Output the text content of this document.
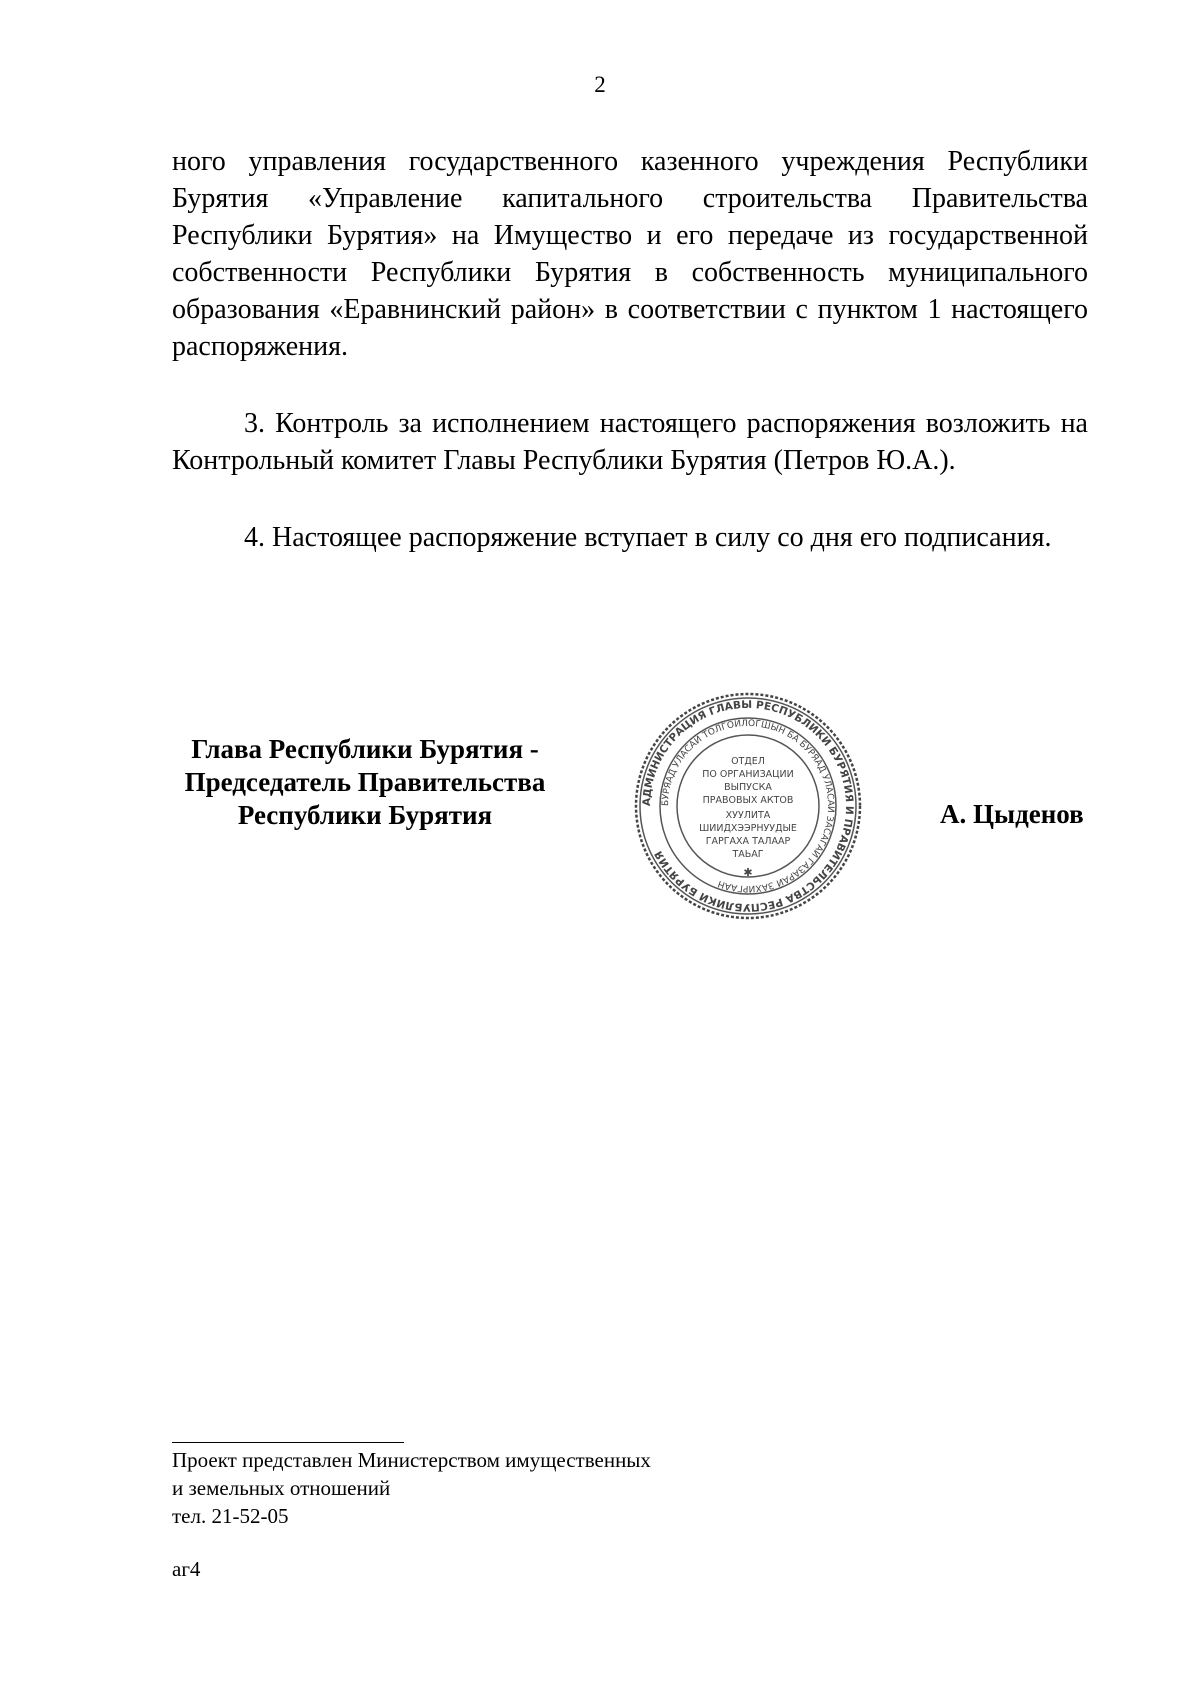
2
ного управления государственного казенного учреждения Республики Бурятия «Управление капитального строительства Правительства Республики Бурятия» на Имущество и его передаче из государственной собственности Республики Бурятия в собственность муниципального образования «Еравнинский район» в соответствии с пунктом 1 настоящего распоряжения.
3. Контроль за исполнением настоящего распоряжения возложить на Контрольный комитет Главы Республики Бурятия (Петров Ю.А.).
4. Настоящее распоряжение вступает в силу со дня его подписания.
Глава Республики Бурятия -
Председатель Правительства
Республики Бурятия	АДМИНИСТРАЦИЯ ГЛАВЫ РЕСПУБЛИКИ БУРЯТИЯ И ПРАВИТЕЛЬСТВА РЕСПУБЛИКИ БУРЯТИЯ
БУРЯАД УЛАСАЙ ТОЛГОЙЛОГШЫН БА БУРЯАД УЛАСАЙ ЗАСАГАЙ ГАЗАРАЙ ЗАХИРГААН
ОТДЕЛ
ПО ОРГАНИЗАЦИИ
ВЫПУСКА
ПРАВОВЫХ АКТОВ
ХУУЛИТА
ШИИДХЭЭРНУУДЫЕ
ГАРГАХА ТАЛААР
ТАЬАГ
✱
А. Цыденов
Проект представлен Министерством имущественных
и земельных отношений
тел. 21-52-05
аг4
